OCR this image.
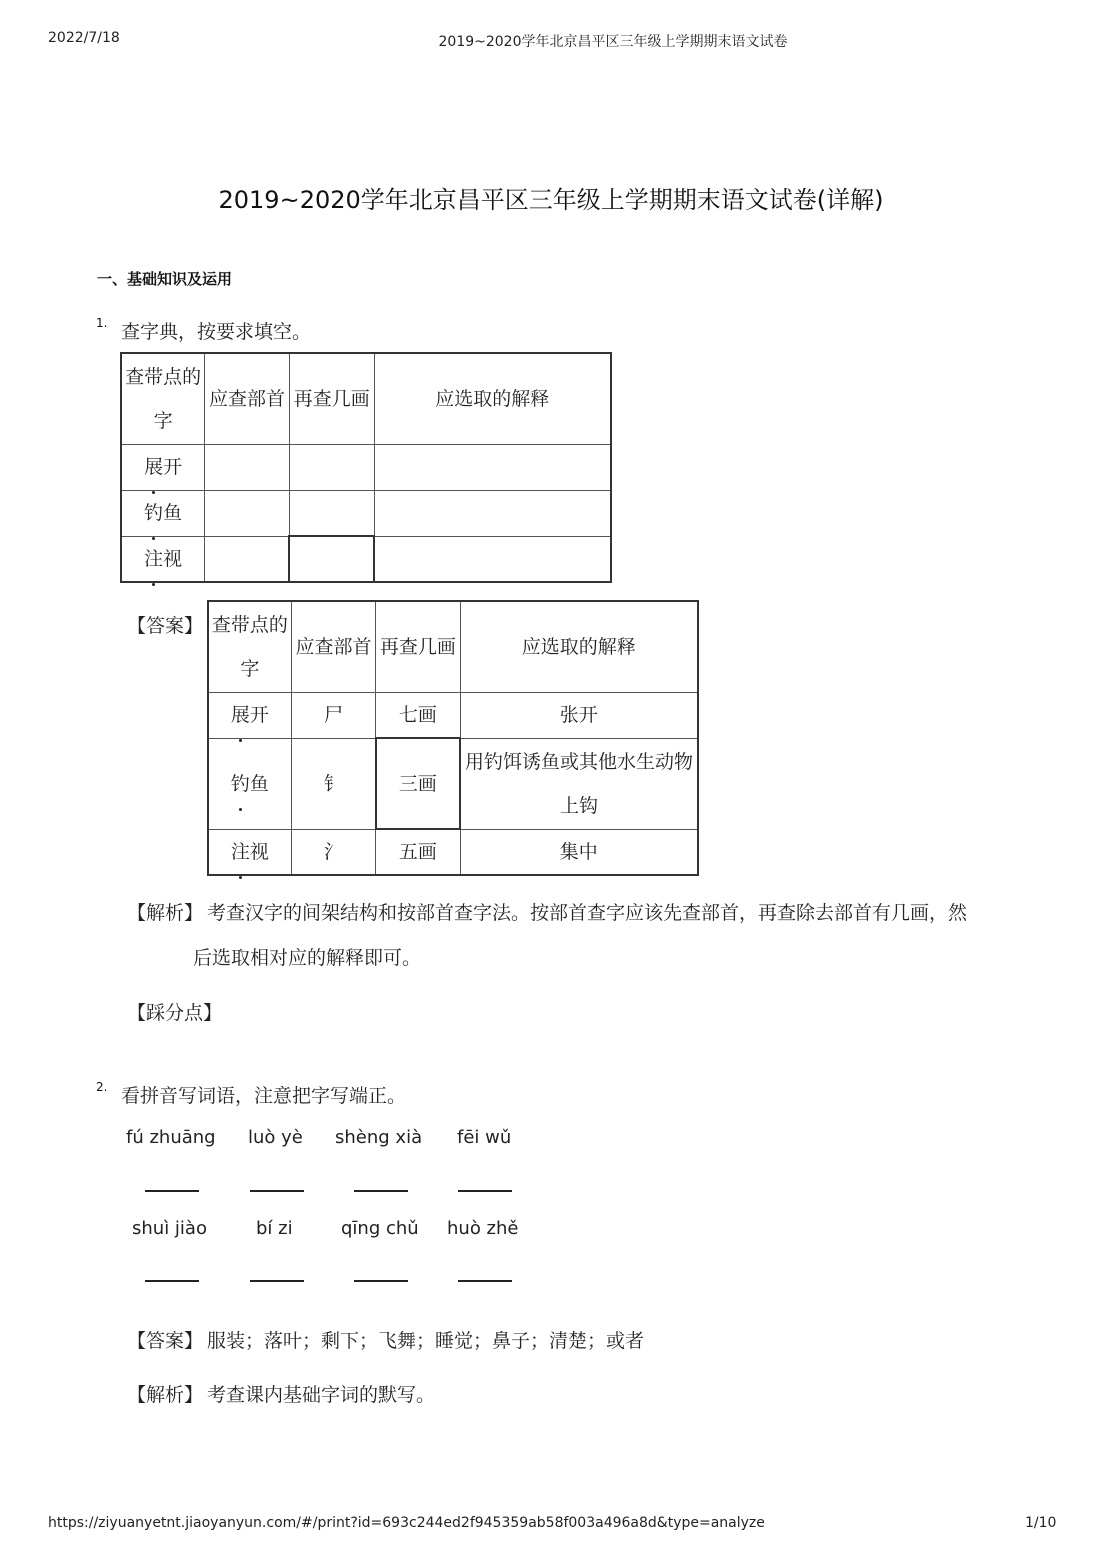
2022/7/18	2019~2020学年北京昌平区三年级上学期期末语文试卷
2019~2020学年北京昌平区三年级上学期期末语文试卷(详解)
一、基础知识及运用
1. 查字典，按要求填空。
查带点的
字	应查部首	再查几画	应选取的解释
展开			
钓鱼			
注视			
【答案】 查带点的
字	应查部首	再查几画	应选取的解释
展开	尸	七画	张开
钓鱼	钅	三画	用钓饵诱鱼或其他水生动物
上钩
注视	氵	五画	集中
【解析】 考查汉字的间架结构和按部首查字法。按部首查字应该先查部首，再查除去部首有几画，然
后选取相对应的解释即可。
【踩分点】
2. 看拼音写词语，注意把字写端正。
fú zhuāng luò yè shèng xià fēi wǔ
shuì jiào	bí zi	qīng chǔ huò zhě
【答案】 服装；落叶；剩下；飞舞；睡觉；鼻子；清楚；或者
【解析】 考查课内基础字词的默写。
https://ziyuanyetnt.jiaoyanyun.com/#/print?id=693c244ed2f945359ab58f003a496a8d&type=analyze	1/10
